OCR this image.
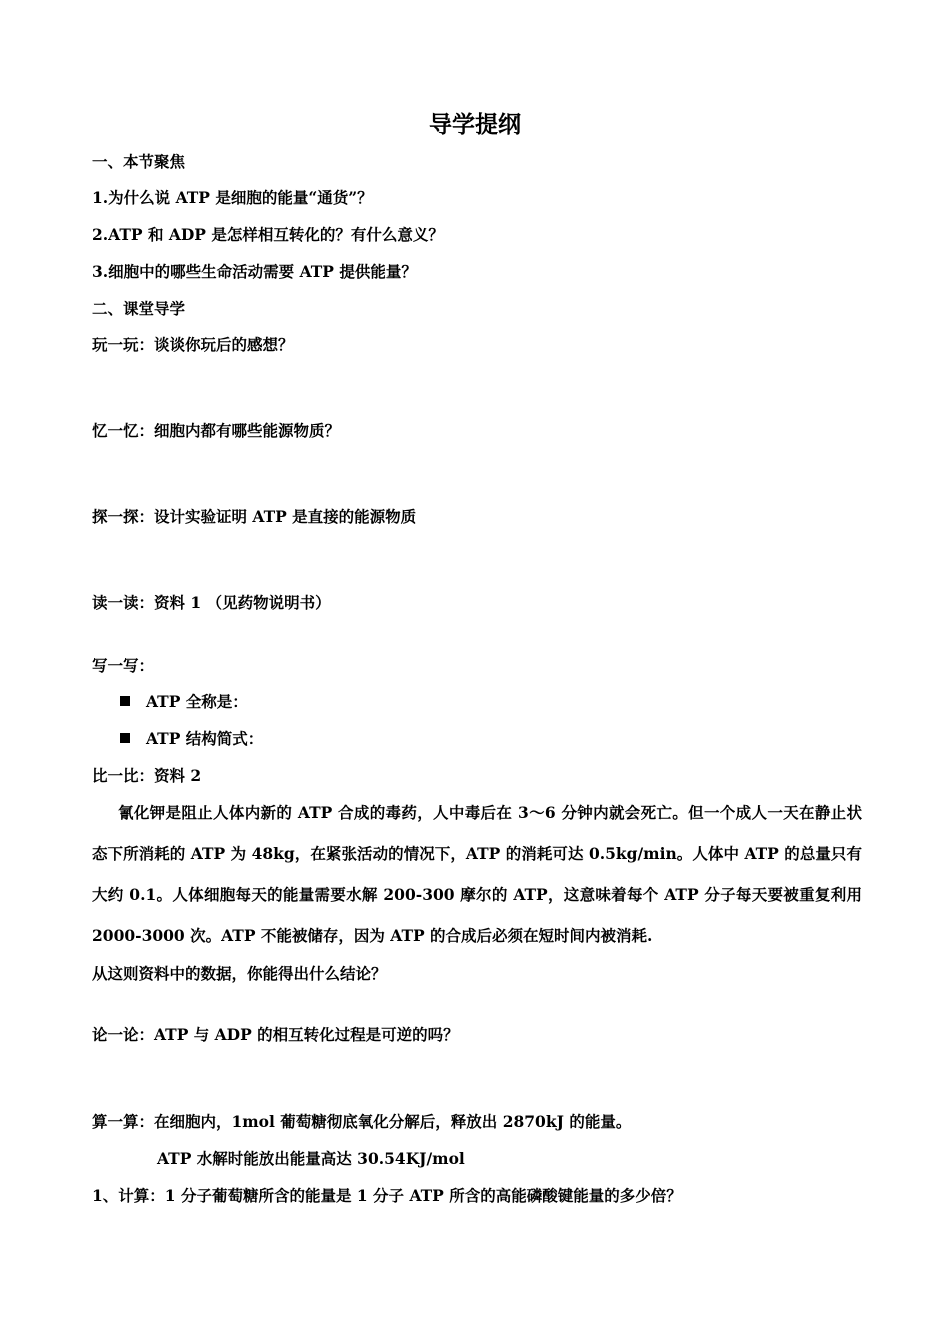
导学提纲
一、本节聚焦
1.为什么说 ATP 是细胞的能量“通货”？
2.ATP 和 ADP 是怎样相互转化的？有什么意义？
3.细胞中的哪些生命活动需要 ATP 提供能量？
二、课堂导学
玩一玩：谈谈你玩后的感想？
忆一忆：细胞内都有哪些能源物质？
探一探：设计实验证明 ATP 是直接的能源物质
读一读：资料 1 （见药物说明书）
写一写：
ATP 全称是：
ATP 结构简式：
比一比：资料 2
氰化钾是阻止人体内新的 ATP 合成的毒药，人中毒后在 3～6 分钟内就会死亡。但一个成人一天在静止状态下所消耗的 ATP 为 48kg，在紧张活动的情况下，ATP 的消耗可达 0.5kg/min。人体中 ATP 的总量只有大约 0.1。人体细胞每天的能量需要水解 200-300 摩尔的 ATP，这意味着每个 ATP 分子每天要被重复利用 2000-3000 次。ATP 不能被储存，因为 ATP 的合成后必须在短时间内被消耗.
从这则资料中的数据，你能得出什么结论？
论一论：ATP 与 ADP 的相互转化过程是可逆的吗？
算一算：在细胞内，1mol 葡萄糖彻底氧化分解后，释放出 2870kJ 的能量。
ATP 水解时能放出能量高达 30.54KJ/mol
1、计算：1 分子葡萄糖所含的能量是 1 分子 ATP 所含的高能磷酸键能量的多少倍？
